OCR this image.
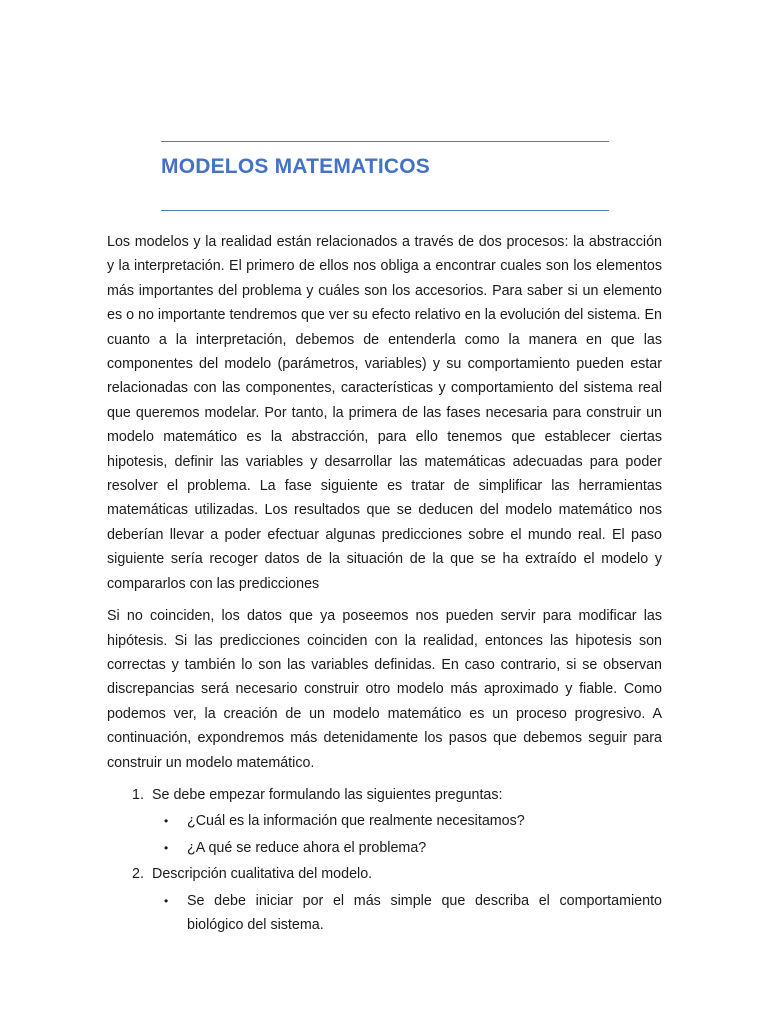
MODELOS MATEMATICOS

Los modelos y la realidad están relacionados a través de dos procesos: la abstracción y la interpretación. El primero de ellos nos obliga a encontrar cuales son los elementos más importantes del problema y cuáles son los accesorios. Para saber si un elemento es o no importante tendremos que ver su efecto relativo en la evolución del sistema. En cuanto a la interpretación, debemos de entenderla como la manera en que las componentes del modelo (parámetros, variables) y su comportamiento pueden estar relacionadas con las componentes, características y comportamiento del sistema real que queremos modelar. Por tanto, la primera de las fases necesaria para construir un modelo matemático es la abstracción, para ello tenemos que establecer ciertas hipotesis, definir las variables y desarrollar las matemáticas adecuadas para poder resolver el problema. La fase siguiente es tratar de simplificar las herramientas matemáticas utilizadas. Los resultados que se deducen del modelo matemático nos deberían llevar a poder efectuar algunas predicciones sobre el mundo real. El paso siguiente sería recoger datos de la situación de la que se ha extraído el modelo y compararlos con las predicciones

Si no coinciden, los datos que ya poseemos nos pueden servir para modificar las hipótesis. Si las predicciones coinciden con la realidad, entonces las hipotesis son correctas y también lo son las variables definidas. En caso contrario, si se observan discrepancias será necesario construir otro modelo más aproximado y fiable. Como podemos ver, la creación de un modelo matemático es un proceso progresivo. A continuación, expondremos más detenidamente los pasos que debemos seguir para construir un modelo matemático.

1. Se debe empezar formulando las siguientes preguntas:
• ¿Cuál es la información que realmente necesitamos?
• ¿A qué se reduce ahora el problema?
2. Descripción cualitativa del modelo.
• Se debe iniciar por el más simple que describa el comportamiento biológico del sistema.
